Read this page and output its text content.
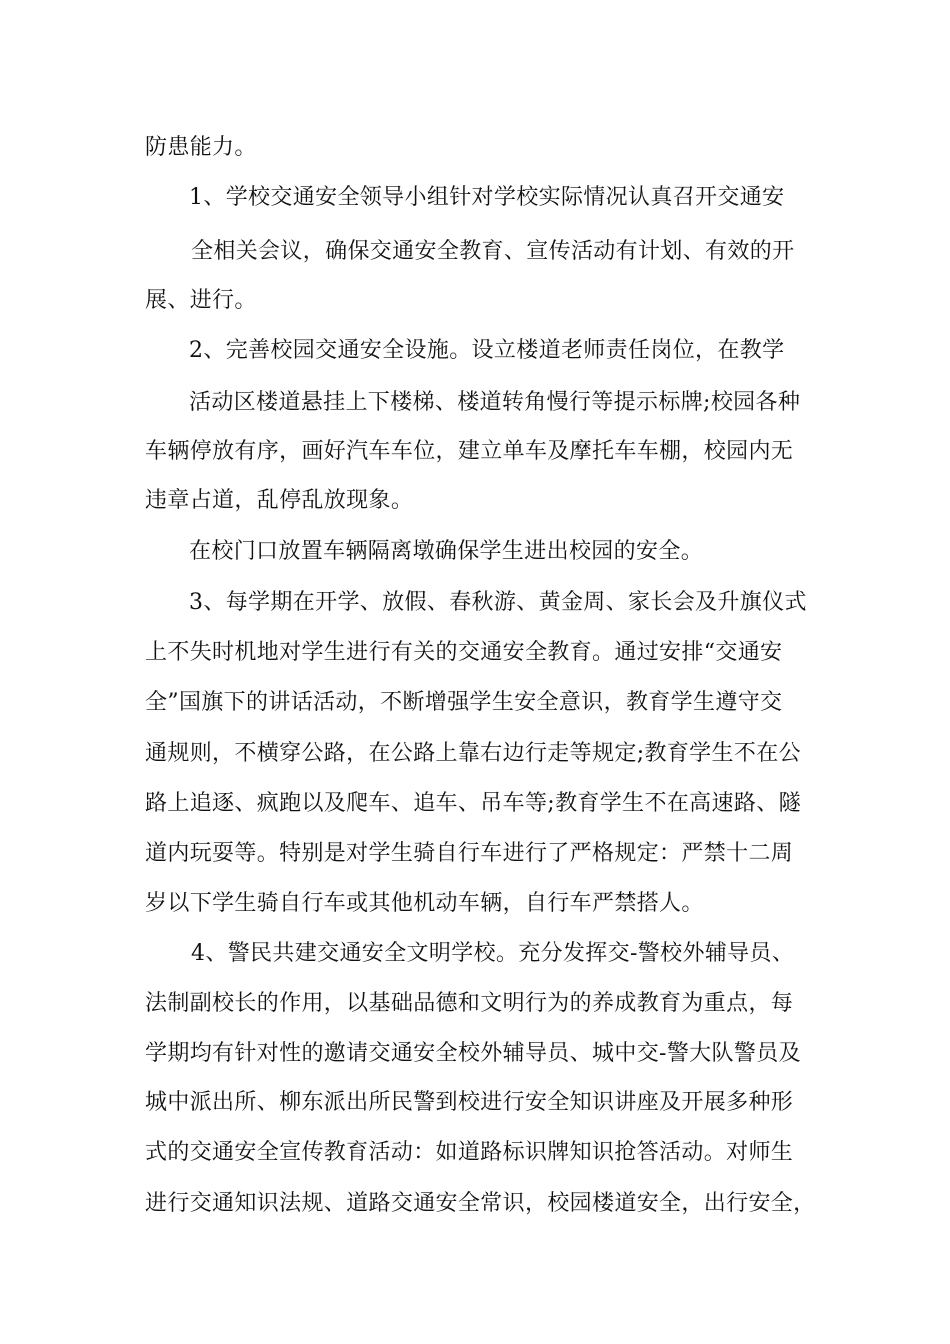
防患能力。
1、学校交通安全领导小组针对学校实际情况认真召开交通安
全相关会议，确保交通安全教育、宣传活动有计划、有效的开
展、进行。
2、完善校园交通安全设施。设立楼道老师责任岗位，在教学
活动区楼道悬挂上下楼梯、楼道转角慢行等提示标牌;校园各种
车辆停放有序，画好汽车车位，建立单车及摩托车车棚，校园内无
违章占道，乱停乱放现象。
在校门口放置车辆隔离墩确保学生进出校园的安全。
3、每学期在开学、放假、春秋游、黄金周、家长会及升旗仪式
上不失时机地对学生进行有关的交通安全教育。通过安排“交通安
全”国旗下的讲话活动，不断增强学生安全意识，教育学生遵守交
通规则，不横穿公路，在公路上靠右边行走等规定;教育学生不在公
路上追逐、疯跑以及爬车、追车、吊车等;教育学生不在高速路、隧
道内玩耍等。特别是对学生骑自行车进行了严格规定：严禁十二周
岁以下学生骑自行车或其他机动车辆，自行车严禁搭人。
4、警民共建交通安全文明学校。充分发挥交-警校外辅导员、
法制副校长的作用，以基础品德和文明行为的养成教育为重点，每
学期均有针对性的邀请交通安全校外辅导员、城中交-警大队警员及
城中派出所、柳东派出所民警到校进行安全知识讲座及开展多种形
式的交通安全宣传教育活动：如道路标识牌知识抢答活动。对师生
进行交通知识法规、道路交通安全常识，校园楼道安全，出行安全，
